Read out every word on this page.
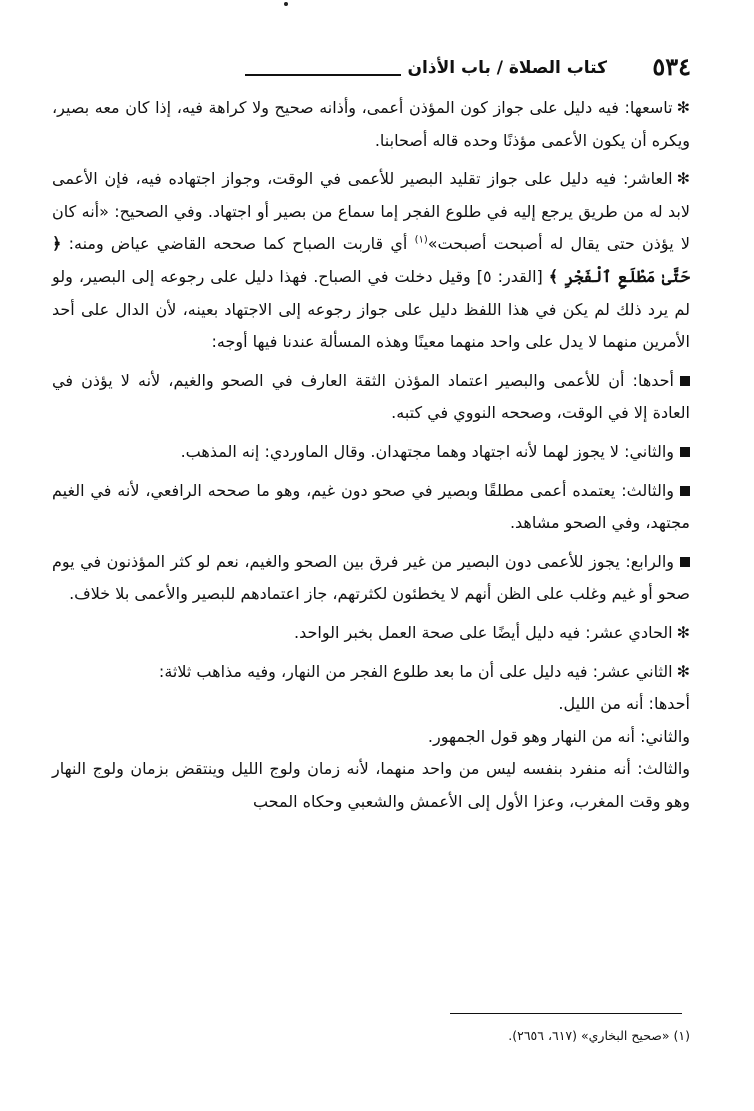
٥٣٤
كتاب الصلاة / باب الأذان

✻تاسعها: فيه دليل على جواز كون المؤذن أعمى، وأذانه صحيح ولا كراهة فيه، إذا كان معه بصير، ويكره أن يكون الأعمى مؤذنًا وحده قاله أصحابنا.

✻العاشر: فيه دليل على جواز تقليد البصير للأعمى في الوقت، وجواز اجتهاده فيه، فإن الأعمى لابد له من طريق يرجع إليه في طلوع الفجر إما سماع من بصير أو اجتهاد. وفي الصحيح: «أنه كان لا يؤذن حتى يقال له أصبحت أصبحت»$^{(١)}$ أي قاربت الصباح كما صححه القاضي عياض ومنه: ﴿ حَتَّىٰ مَطْلَعِ ٱلْفَجْرِ ﴾ [القدر: ٥] وقيل دخلت في الصباح. فهذا دليل على رجوعه إلى البصير، ولو لم يرد ذلك لم يكن في هذا اللفظ دليل على جواز رجوعه إلى الاجتهاد بعينه، لأن الدال على أحد الأمرين منهما لا يدل على واحد منهما معينًا وهذه المسألة عندنا فيها أوجه:

أحدها: أن للأعمى والبصير اعتماد المؤذن الثقة العارف في الصحو والغيم، لأنه لا يؤذن في العادة إلا في الوقت، وصححه النووي في كتبه.

والثاني: لا يجوز لهما لأنه اجتهاد وهما مجتهدان. وقال الماوردي: إنه المذهب.

والثالث: يعتمده أعمى مطلقًا وبصير في صحو دون غيم، وهو ما صححه الرافعي، لأنه في الغيم مجتهد، وفي الصحو مشاهد.

والرابع: يجوز للأعمى دون البصير من غير فرق بين الصحو والغيم، نعم لو كثر المؤذنون في يوم صحو أو غيم وغلب على الظن أنهم لا يخطئون لكثرتهم، جاز اعتمادهم للبصير والأعمى بلا خلاف.

✻الحادي عشر: فيه دليل أيضًا على صحة العمل بخبر الواحد.

✻الثاني عشر: فيه دليل على أن ما بعد طلوع الفجر من النهار، وفيه مذاهب ثلاثة:

أحدها: أنه من الليل.

والثاني: أنه من النهار وهو قول الجمهور.

والثالث: أنه منفرد بنفسه ليس من واحد منهما، لأنه زمان ولوج الليل وينتقض بزمان ولوج النهار وهو وقت المغرب، وعزا الأول إلى الأعمش والشعبي وحكاه المحب

(١) «صحيح البخاري» (٦١٧، ٢٦٥٦).
